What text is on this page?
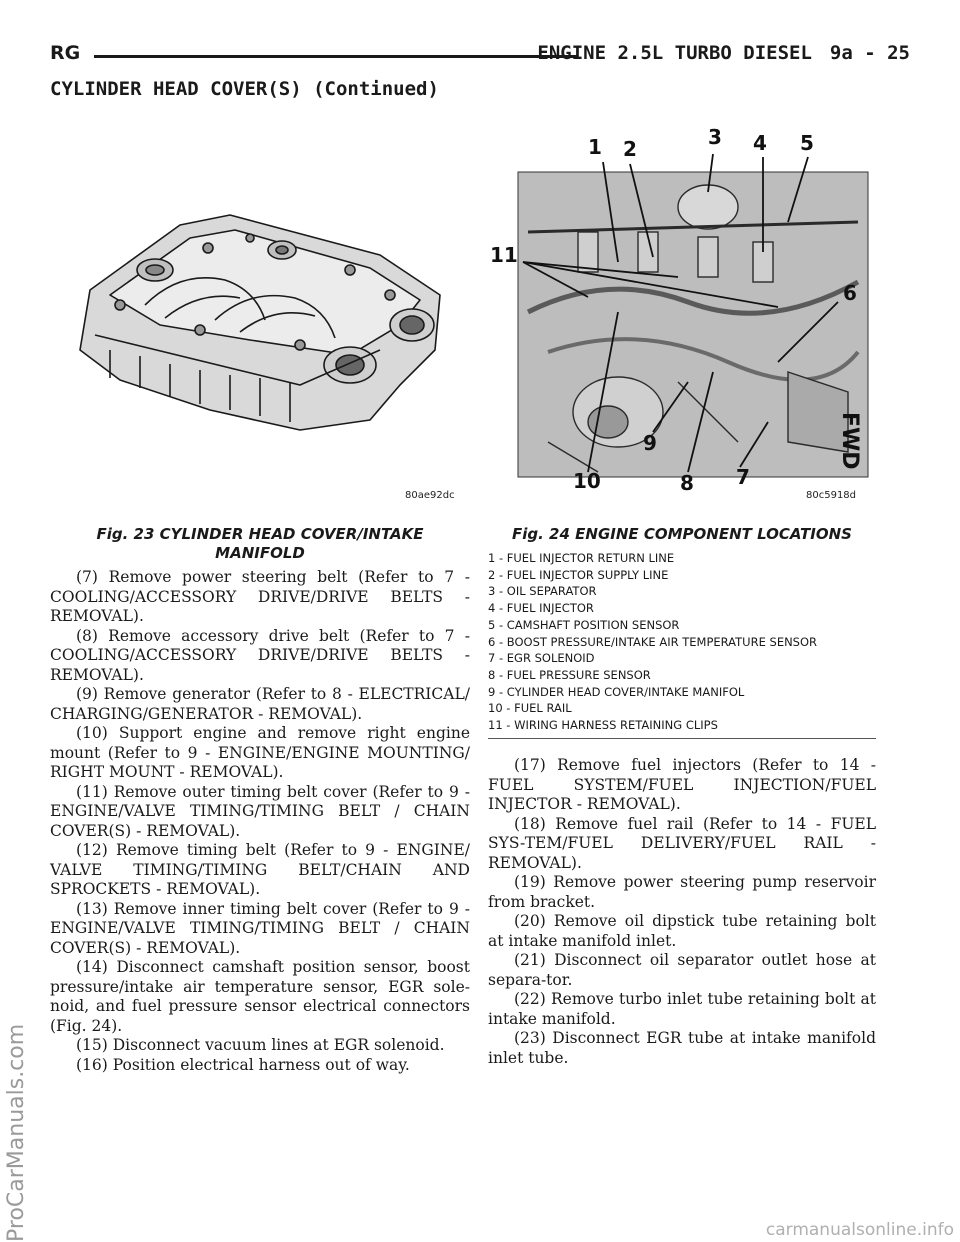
RG	ENGINE 2.5L TURBO DIESEL 9a - 25
CYLINDER HEAD COVER(S) (Continued)
80ae92dc
1 2	3 4 5
6
7
8
9
10
11
FWD
80c5918d
Fig. 23 CYLINDER HEAD COVER/INTAKE MANIFOLD
Fig. 24 ENGINE COMPONENT LOCATIONS
1 - FUEL INJECTOR RETURN LINE
2 - FUEL INJECTOR SUPPLY LINE
3 - OIL SEPARATOR
4 - FUEL INJECTOR
5 - CAMSHAFT POSITION SENSOR
6 - BOOST PRESSURE/INTAKE AIR TEMPERATURE SENSOR
7 - EGR SOLENOID
8 - FUEL PRESSURE SENSOR
9 - CYLINDER HEAD COVER/INTAKE MANIFOL
10 - FUEL RAIL
11 - WIRING HARNESS RETAINING CLIPS

(7) Remove power steering belt (Refer to 7 - COOLING/ACCESSORY DRIVE/DRIVE BELTS - REMOVAL).

(8) Remove accessory drive belt (Refer to 7 - COOLING/ACCESSORY DRIVE/DRIVE BELTS - REMOVAL).

(9) Remove generator (Refer to 8 - ELECTRICAL/ CHARGING/GENERATOR - REMOVAL).

(10) Support engine and remove right engine mount (Refer to 9 - ENGINE/ENGINE MOUNTING/ RIGHT MOUNT - REMOVAL).

(11) Remove outer timing belt cover (Refer to 9 - ENGINE/VALVE TIMING/TIMING BELT / CHAIN COVER(S) - REMOVAL).

(12) Remove timing belt (Refer to 9 - ENGINE/ VALVE TIMING/TIMING BELT/CHAIN AND SPROCKETS - REMOVAL).

(13) Remove inner timing belt cover (Refer to 9 - ENGINE/VALVE TIMING/TIMING BELT / CHAIN COVER(S) - REMOVAL).

(14) Disconnect camshaft position sensor, boost pressure/intake air temperature sensor, EGR sole-noid, and fuel pressure sensor electrical connectors (Fig. 24).

(15) Disconnect vacuum lines at EGR solenoid.

(16) Position electrical harness out of way.

(17) Remove fuel injectors (Refer to 14 - FUEL SYSTEM/FUEL INJECTION/FUEL INJECTOR - REMOVAL).

(18) Remove fuel rail (Refer to 14 - FUEL SYS-TEM/FUEL DELIVERY/FUEL RAIL - REMOVAL).

(19) Remove power steering pump reservoir from bracket.

(20) Remove oil dipstick tube retaining bolt at intake manifold inlet.

(21) Disconnect oil separator outlet hose at separa-tor.

(22) Remove turbo inlet tube retaining bolt at intake manifold.

(23) Disconnect EGR tube at intake manifold inlet tube.

ProCarManuals.com	carmanualsonline.info
